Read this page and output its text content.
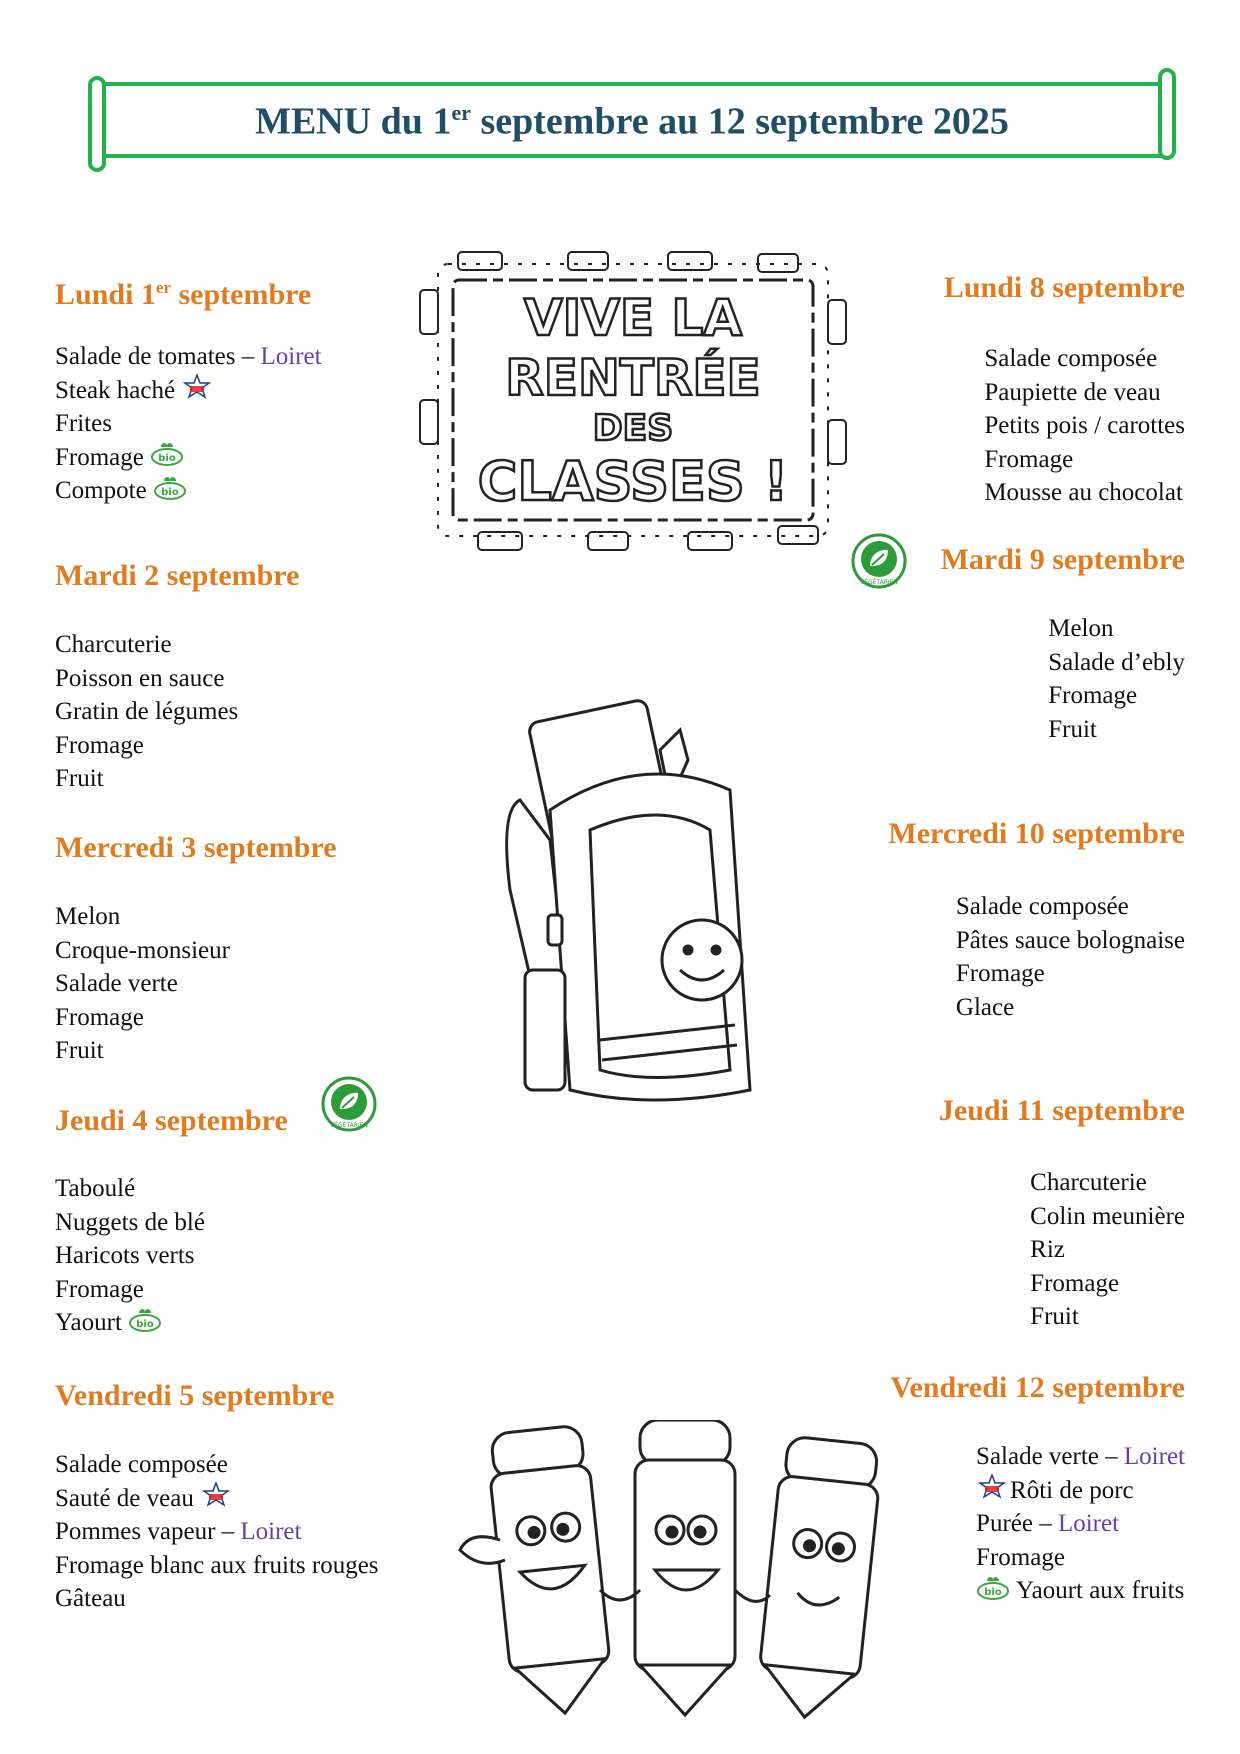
MENU du 1er septembre au 12 septembre 2025
Lundi 1er septembre
Salade de tomates – Loiret
Steak haché
Frites
Fromage bio
Compote bio
Mardi 2 septembre
Charcuterie
Poisson en sauce
Gratin de légumes
Fromage
Fruit
Mercredi 3 septembre
Melon
Croque-monsieur
Salade verte
Fromage
Fruit
Jeudi 4 septembre	VÉGÉTARIEN
Taboulé
Nuggets de blé
Haricots verts
Fromage
Yaourt bio
Vendredi 5 septembre
Salade composée
Sauté de veau
Pommes vapeur – Loiret
Fromage blanc aux fruits rouges
Gâteau
VIVE LA
RENTRÉE
DES
CLASSES !
Lundi 8 septembre
Salade composée
Paupiette de veau
Petits pois / carottes
Fromage
Mousse au chocolat
VÉGÉTARIEN
Mardi 9 septembre
Melon
Salade d’ebly
Fromage
Fruit
Mercredi 10 septembre
Salade composée
Pâtes sauce bolognaise
Fromage
Glace
Jeudi 11 septembre
Charcuterie
Colin meunière
Riz
Fromage
Fruit
Vendredi 12 septembre
Salade verte – Loiret
Rôti de porc
Purée – Loiret
Fromage
bio Yaourt aux fruits
